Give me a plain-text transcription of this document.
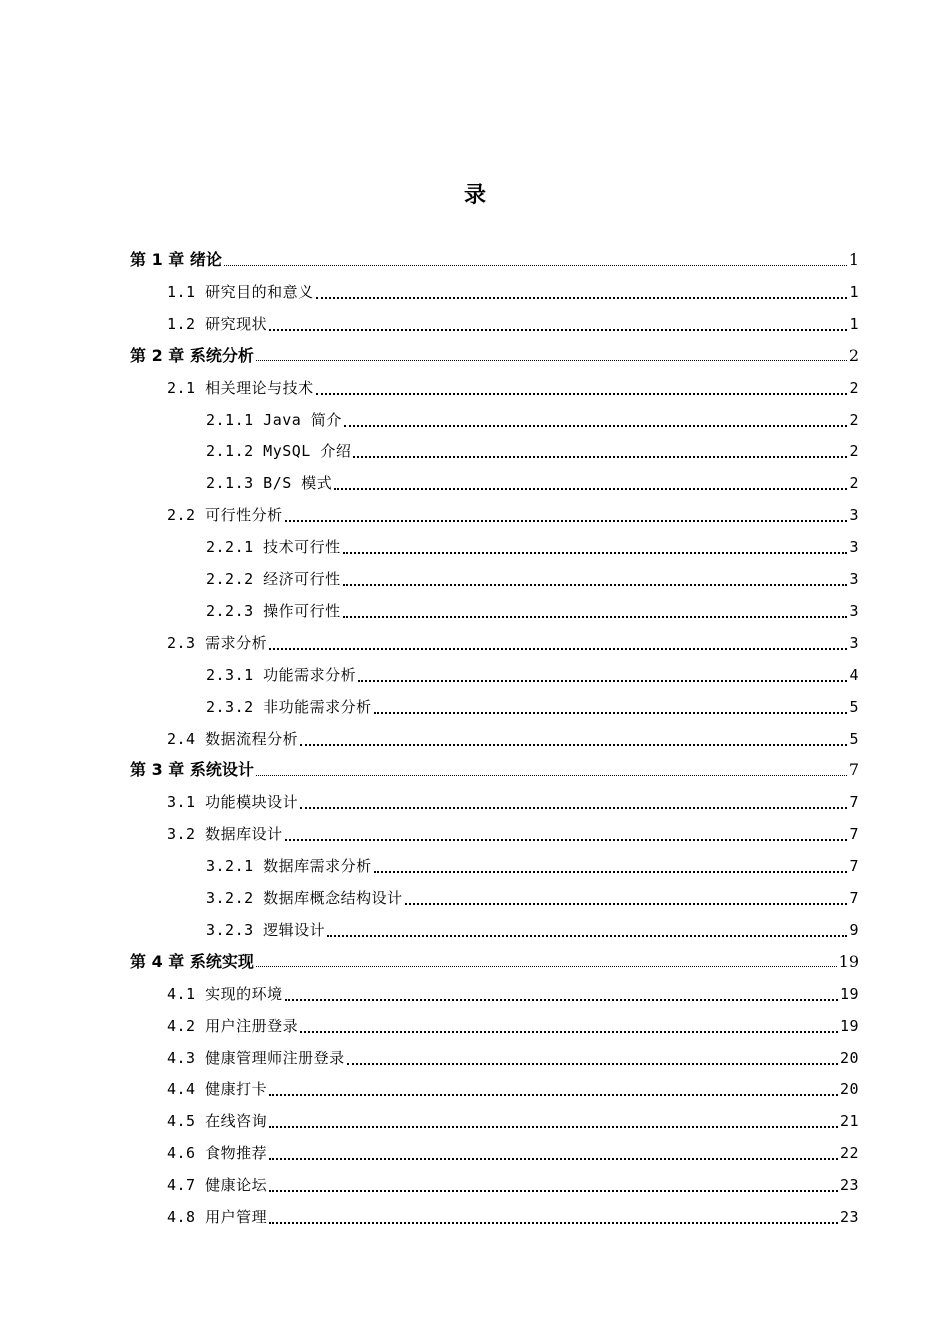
录
第 1 章 绪论	1
1.1 研究目的和意义	1
1.2 研究现状	1
第 2 章 系统分析	2
2.1 相关理论与技术	2
2.1.1 Java 简介	2
2.1.2 MySQL 介绍	2
2.1.3 B/S 模式	2
2.2 可行性分析	3
2.2.1 技术可行性	3
2.2.2 经济可行性	3
2.2.3 操作可行性	3
2.3 需求分析	3
2.3.1 功能需求分析	4
2.3.2 非功能需求分析	5
2.4 数据流程分析	5
第 3 章 系统设计	7
3.1 功能模块设计	7
3.2 数据库设计	7
3.2.1 数据库需求分析	7
3.2.2 数据库概念结构设计	7
3.2.3 逻辑设计	9
第 4 章 系统实现	19
4.1 实现的环境	19
4.2 用户注册登录	19
4.3 健康管理师注册登录	20
4.4 健康打卡	20
4.5 在线咨询	21
4.6 食物推荐	22
4.7 健康论坛	23
4.8 用户管理	23
